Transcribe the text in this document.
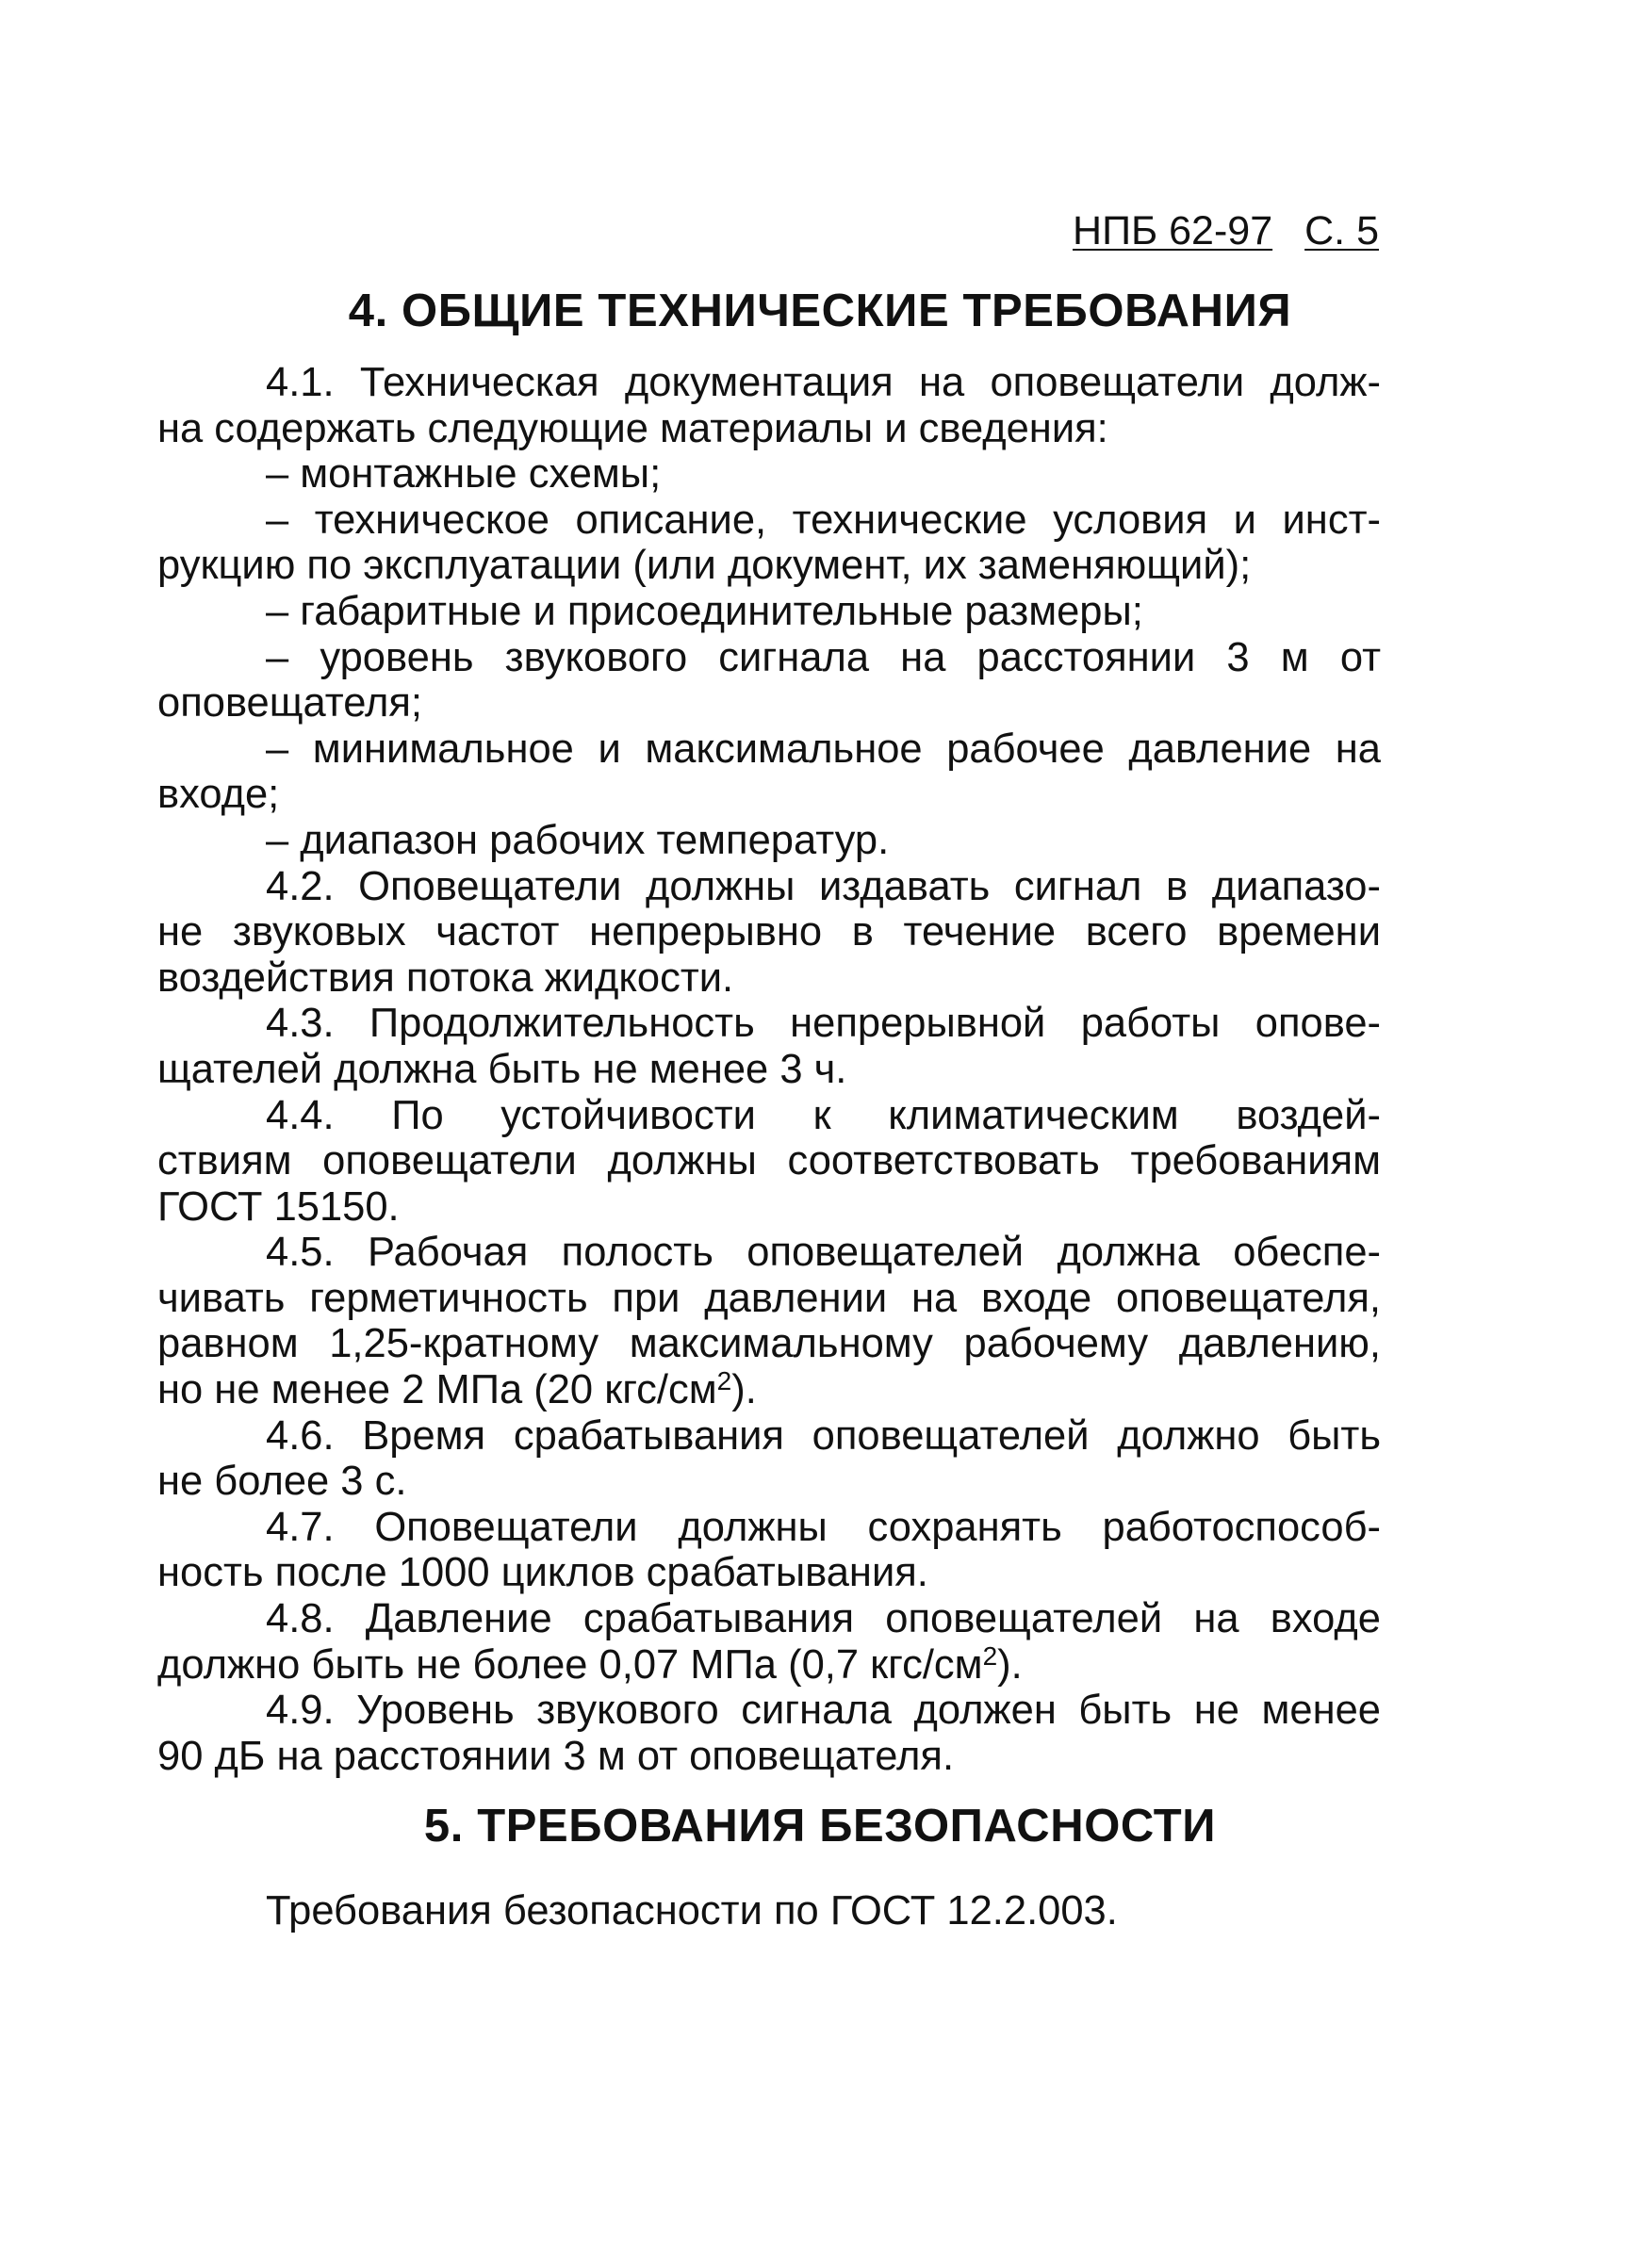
НПБ 62-97 С. 5
4. ОБЩИЕ ТЕХНИЧЕСКИЕ ТРЕБОВАНИЯ
4.1. Техническая документация на оповещатели долж-
на содержать следующие материалы и сведения:
– монтажные схемы;
– техническое описание, технические условия и инст-
рукцию по эксплуатации (или документ, их заменяющий);
– габаритные и присоединительные размеры;
– уровень звукового сигнала на расстоянии 3 м от
оповещателя;
– минимальное и максимальное рабочее давление на
входе;
– диапазон рабочих температур.
4.2. Оповещатели должны издавать сигнал в диапазо-
не звуковых частот непрерывно в течение всего времени
воздействия потока жидкости.
4.3. Продолжительность непрерывной работы опове-
щателей должна быть не менее 3 ч.
4.4. По устойчивости к климатическим воздей-
ствиям оповещатели должны соответствовать требованиям
ГОСТ 15150.
4.5. Рабочая полость оповещателей должна обеспе-
чивать герметичность при давлении на входе оповещателя,
равном 1,25-кратному максимальному рабочему давлению,
но не менее 2 МПа (20 кгс/$см^2$).
4.6. Время срабатывания оповещателей должно быть
не более 3 с.
4.7. Оповещатели должны сохранять работоспособ-
ность после 1000 циклов срабатывания.
4.8. Давление срабатывания оповещателей на входе
должно быть не более 0,07 МПа (0,7 кгс/$см^2$).
4.9. Уровень звукового сигнала должен быть не менее
90 дБ на расстоянии 3 м от оповещателя.
5. ТРЕБОВАНИЯ БЕЗОПАСНОСТИ
Требования безопасности по ГОСТ 12.2.003.
